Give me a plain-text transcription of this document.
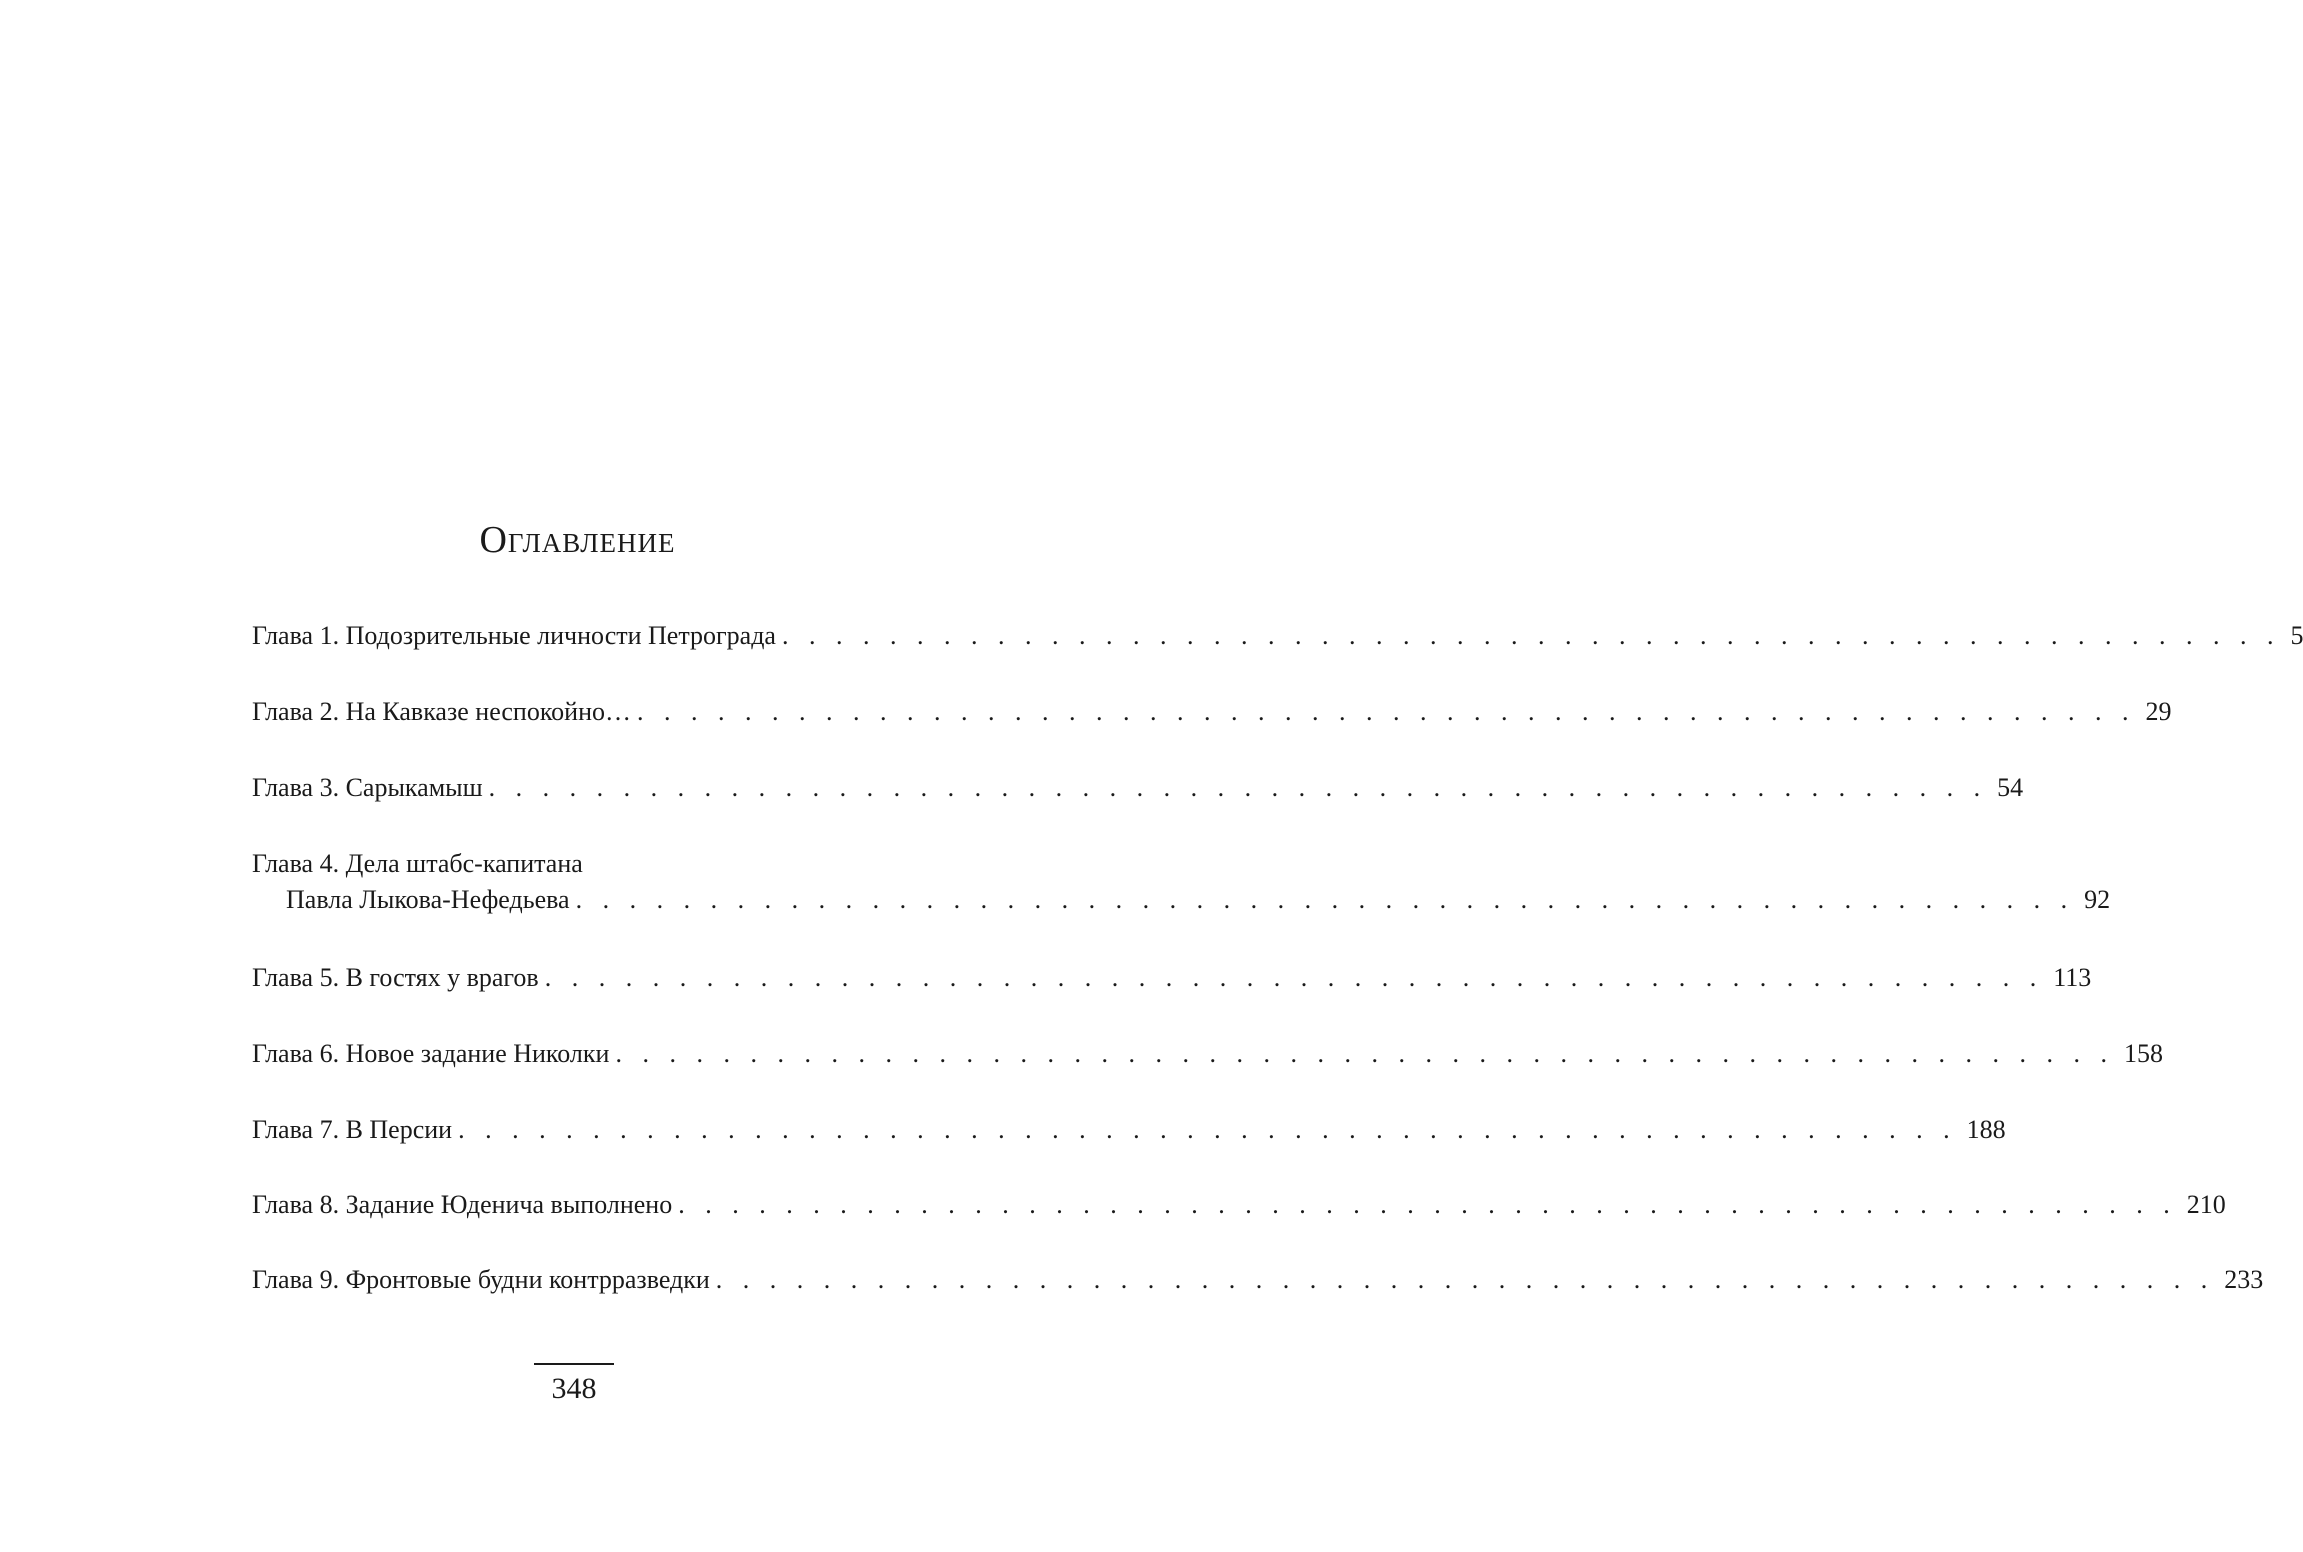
Оглавление
Глава 1. Подозрительные личности Петрограда . . . . . . . . . . . . . . . . . . . . . . . . . . . . . . . . . . . . . . . . . . . . . . . . . . . . . . . . 5
Глава 2. На Кавказе неспокойно… . . . . . . . . . . . . . . . . . . . . . . . . . . . . . . . . . . . . . . . . . . . . . . . . . . . . . . . . 29
Глава 3. Сарыкамыш . . . . . . . . . . . . . . . . . . . . . . . . . . . . . . . . . . . . . . . . . . . . . . . . . . . . . . . . 54
Глава 4. Дела штабс-капитана
Павла Лыкова-Нефедьева . . . . . . . . . . . . . . . . . . . . . . . . . . . . . . . . . . . . . . . . . . . . . . . . . . . . . . . . 92
Глава 5. В гостях у врагов . . . . . . . . . . . . . . . . . . . . . . . . . . . . . . . . . . . . . . . . . . . . . . . . . . . . . . . . 113
Глава 6. Новое задание Николки . . . . . . . . . . . . . . . . . . . . . . . . . . . . . . . . . . . . . . . . . . . . . . . . . . . . . . . . 158
Глава 7. В Персии . . . . . . . . . . . . . . . . . . . . . . . . . . . . . . . . . . . . . . . . . . . . . . . . . . . . . . . . 188
Глава 8. Задание Юденича выполнено . . . . . . . . . . . . . . . . . . . . . . . . . . . . . . . . . . . . . . . . . . . . . . . . . . . . . . . . 210
Глава 9. Фронтовые будни контрразведки . . . . . . . . . . . . . . . . . . . . . . . . . . . . . . . . . . . . . . . . . . . . . . . . . . . . . . . . 233
348
